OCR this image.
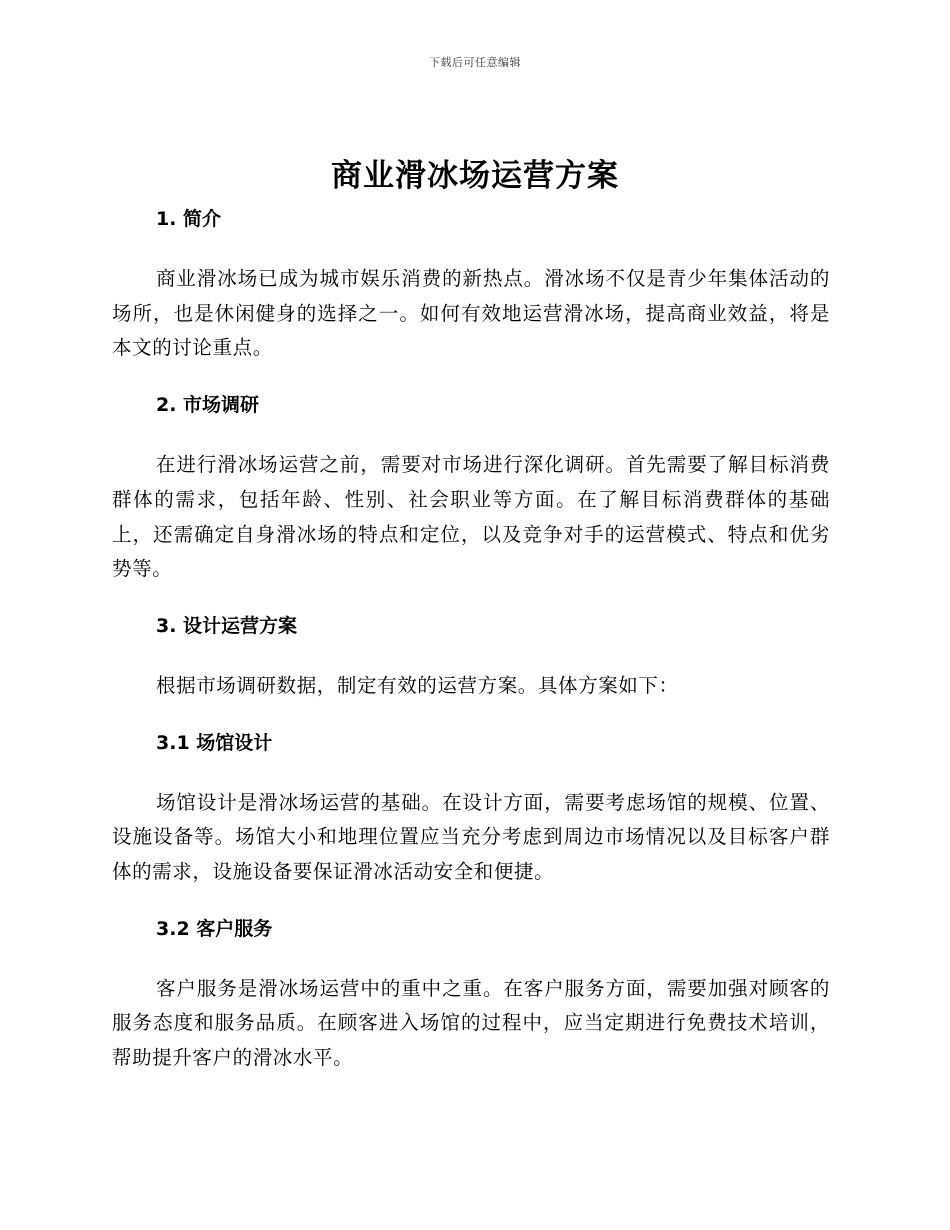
下载后可任意编辑
商业滑冰场运营方案
1. 简介

商业滑冰场已成为城市娱乐消费的新热点。滑冰场不仅是青少年集体活动的场所，也是休闲健身的选择之一。如何有效地运营滑冰场，提高商业效益，将是本文的讨论重点。

2. 市场调研

在进行滑冰场运营之前，需要对市场进行深化调研。首先需要了解目标消费群体的需求，包括年龄、性别、社会职业等方面。在了解目标消费群体的基础上，还需确定自身滑冰场的特点和定位，以及竞争对手的运营模式、特点和优劣势等。

3. 设计运营方案

根据市场调研数据，制定有效的运营方案。具体方案如下：

3.1 场馆设计

场馆设计是滑冰场运营的基础。在设计方面，需要考虑场馆的规模、位置、设施设备等。场馆大小和地理位置应当充分考虑到周边市场情况以及目标客户群体的需求，设施设备要保证滑冰活动安全和便捷。

3.2 客户服务

客户服务是滑冰场运营中的重中之重。在客户服务方面，需要加强对顾客的服务态度和服务品质。在顾客进入场馆的过程中，应当定期进行免费技术培训，帮助提升客户的滑冰水平。
